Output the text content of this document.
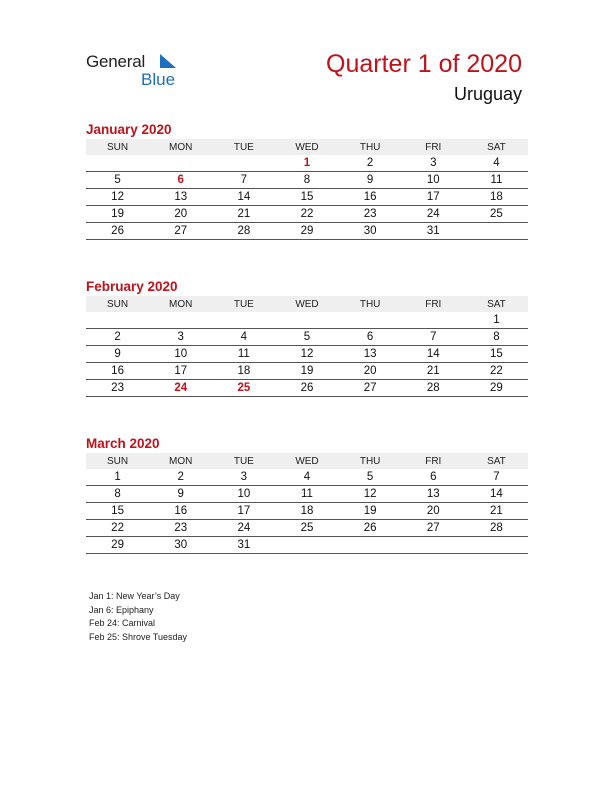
General
Blue
Quarter 1 of 2020
Uruguay
January 2020
SUN	MON	TUE	WED	THU	FRI	SAT
			1	2	3	4
5	6	7	8	9	10	11
12	13	14	15	16	17	18
19	20	21	22	23	24	25
26	27	28	29	30	31	
February 2020
SUN	MON	TUE	WED	THU	FRI	SAT
						1
2	3	4	5	6	7	8
9	10	11	12	13	14	15
16	17	18	19	20	21	22
23	24	25	26	27	28	29
March 2020
SUN	MON	TUE	WED	THU	FRI	SAT
1	2	3	4	5	6	7
8	9	10	11	12	13	14
15	16	17	18	19	20	21
22	23	24	25	26	27	28
29	30	31				
Jan 1: New Year’s Day
Jan 6: Epiphany
Feb 24: Carnival
Feb 25: Shrove Tuesday
